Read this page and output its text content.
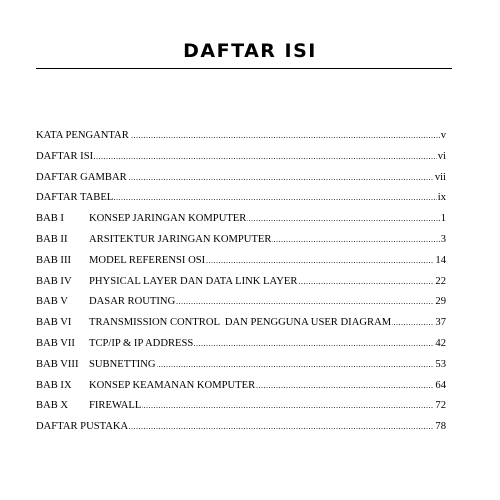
DAFTAR ISI
.....
KATA PENGANTAR	v
.....
DAFTAR ISI	vi
.....
DAFTAR GAMBAR	vii
.....
DAFTAR TABEL	ix
.....
BAB I	KONSEP JARINGAN KOMPUTER	1
.....
BAB II	ARSITEKTUR JARINGAN KOMPUTER	3
.....
BAB III	MODEL REFERENSI OSI	14
.....
BAB IV	PHYSICAL LAYER DAN DATA LINK LAYER	22
.....
BAB V	DASAR ROUTING	29
.....
BAB VI	TRANSMISSION CONTROL  DAN PENGGUNA USER DIAGRAM	37
.....
BAB VII	TCP/IP & IP ADDRESS	42
.....
BAB VIII SUBNETTING	53
.....
BAB IX	KONSEP KEAMANAN KOMPUTER	64
.....
BAB X	FIREWALL	72
.....
DAFTAR PUSTAKA	78
